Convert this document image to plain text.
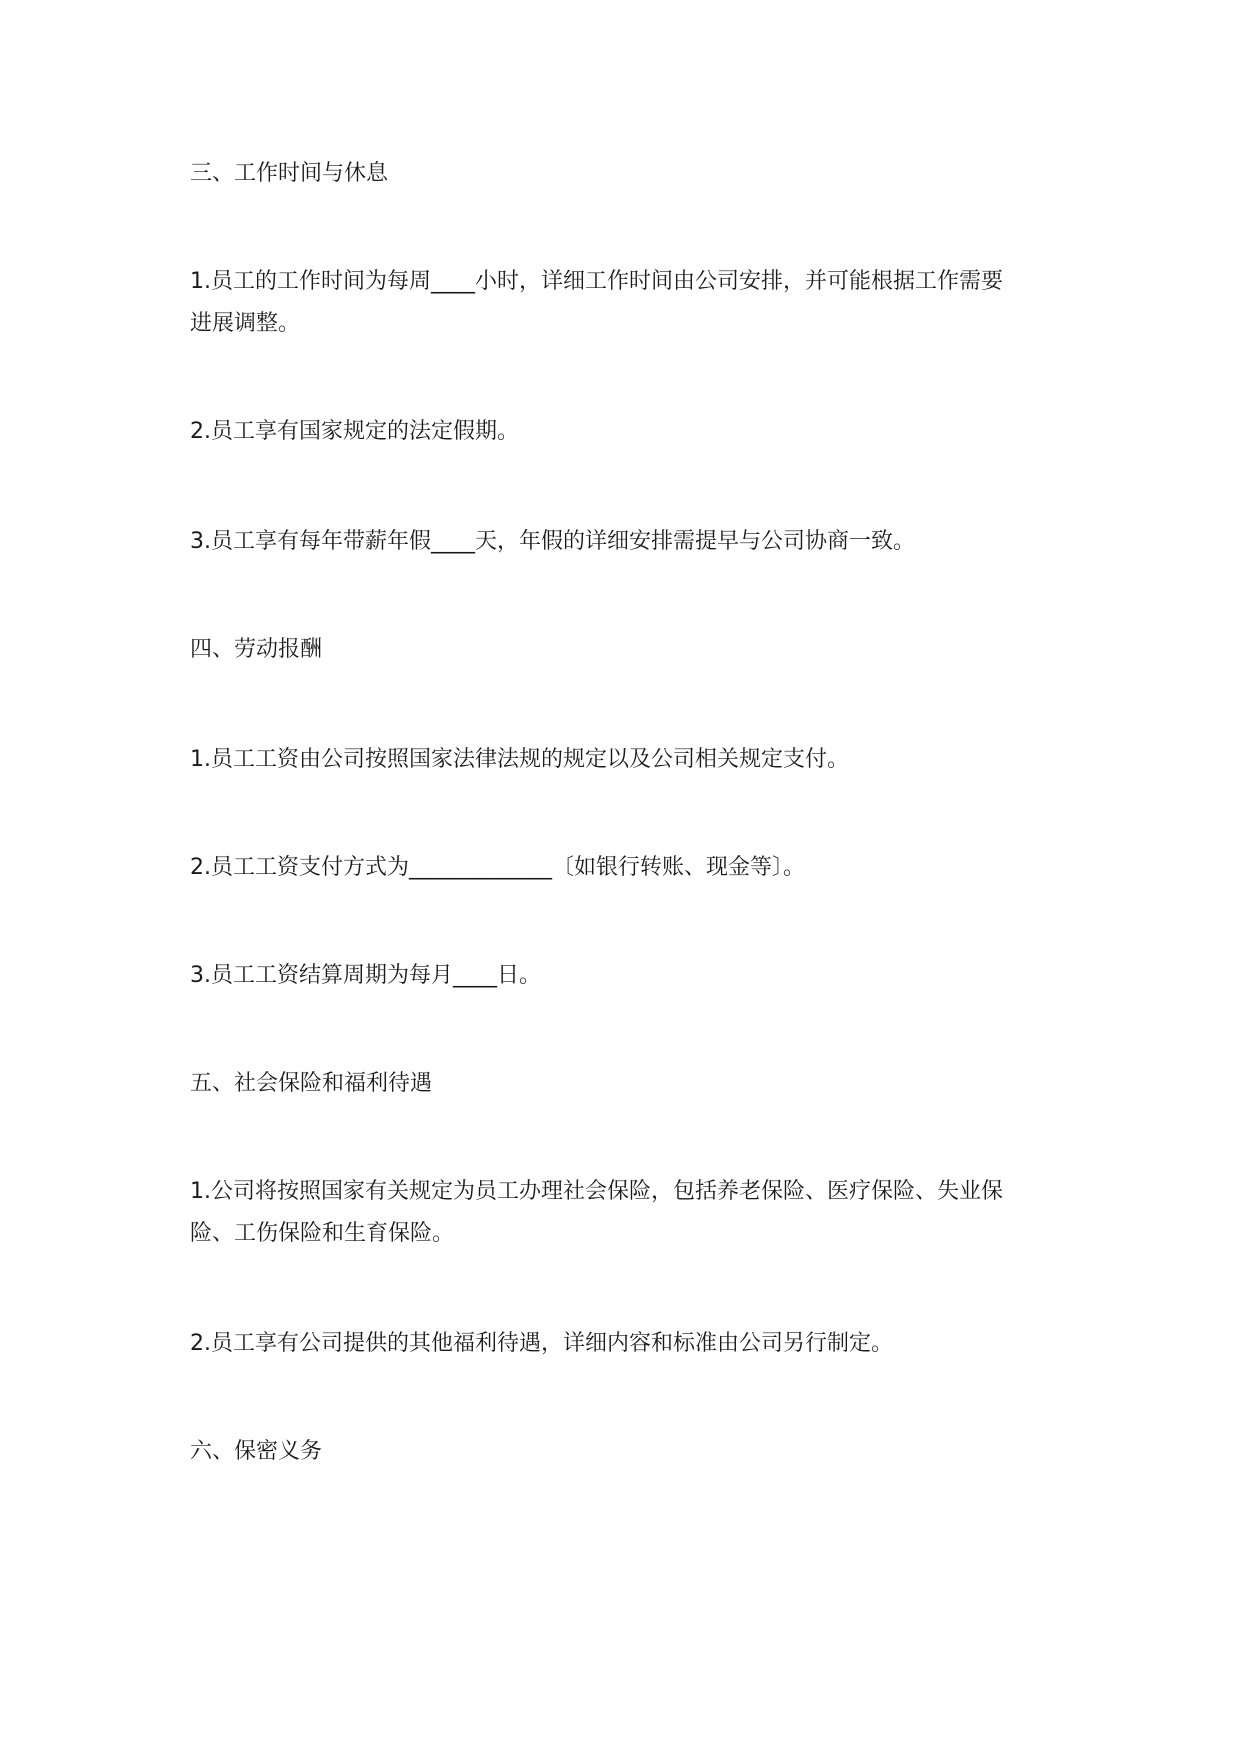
三、工作时间与休息
1.员工的工作时间为每周____小时，详细工作时间由公司安排，并可能根据工作需要
进展调整。
2.员工享有国家规定的法定假期。
3.员工享有每年带薪年假____天，年假的详细安排需提早与公司协商一致。
四、劳动报酬
1.员工工资由公司按照国家法律法规的规定以及公司相关规定支付。
2.员工工资支付方式为_____________〔如银行转账、现金等〕。
3.员工工资结算周期为每月____日。
五、社会保险和福利待遇
1.公司将按照国家有关规定为员工办理社会保险，包括养老保险、医疗保险、失业保
险、工伤保险和生育保险。
2.员工享有公司提供的其他福利待遇，详细内容和标准由公司另行制定。
六、保密义务
